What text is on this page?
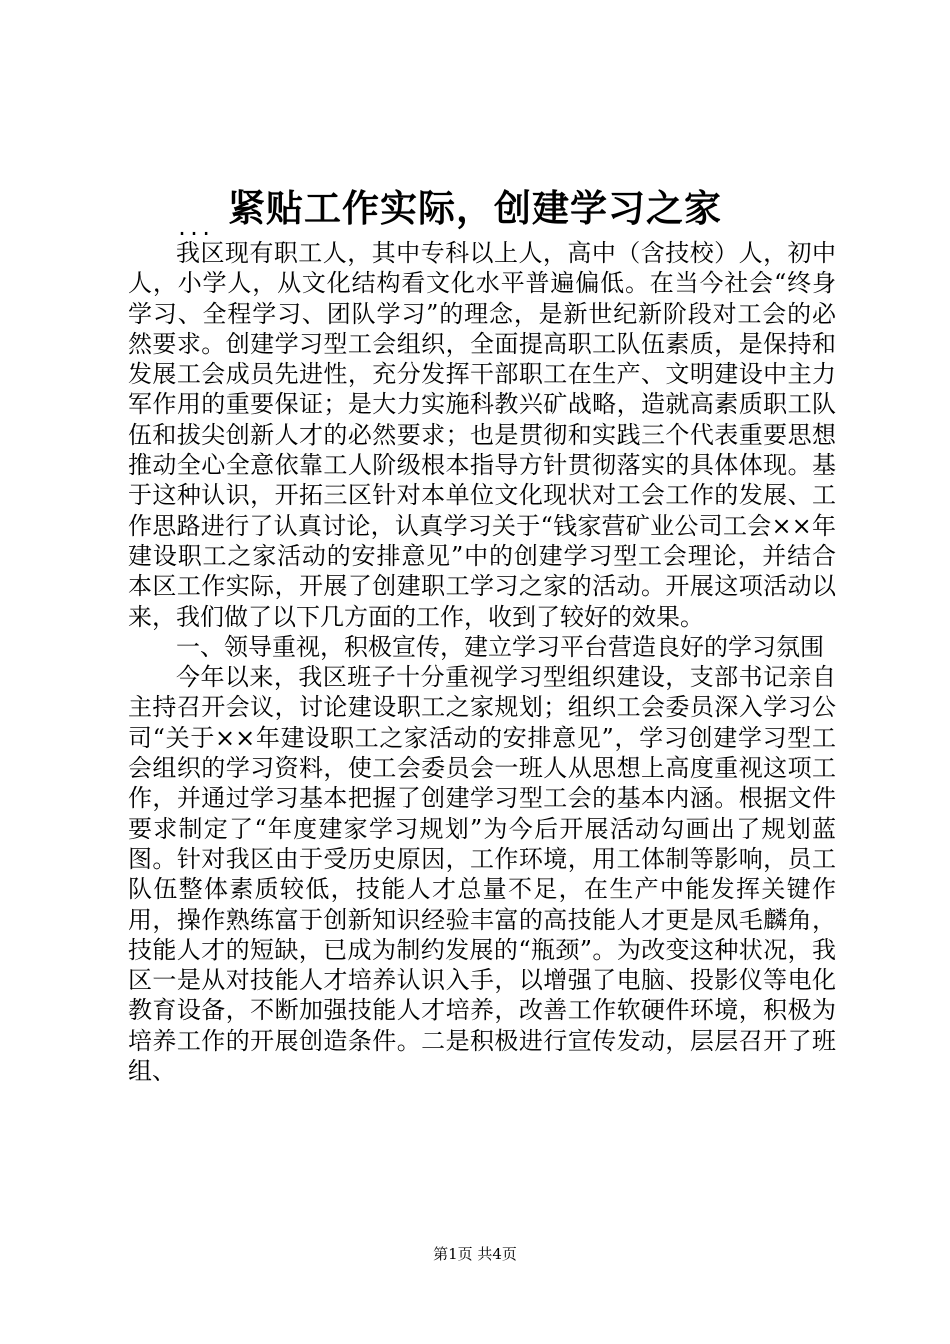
紧贴工作实际，创建学习之家
...

我区现有职工人，其中专科以上人，高中（含技校）人，初中人，小学人，从文化结构看文化水平普遍偏低。在当今社会“终身学习、全程学习、团队学习”的理念，是新世纪新阶段对工会的必然要求。创建学习型工会组织，全面提高职工队伍素质，是保持和发展工会成员先进性，充分发挥干部职工在生产、文明建设中主力军作用的重要保证；是大力实施科教兴矿战略，造就高素质职工队伍和拔尖创新人才的必然要求；也是贯彻和实践三个代表重要思想推动全心全意依靠工人阶级根本指导方针贯彻落实的具体体现。基于这种认识，开拓三区针对本单位文化现状对工会工作的发展、工作思路进行了认真讨论，认真学习关于“钱家营矿业公司工会××年建设职工之家活动的安排意见”中的创建学习型工会理论，并结合本区工作实际，开展了创建职工学习之家的活动。开展这项活动以来，我们做了以下几方面的工作，收到了较好的效果。

一、领导重视，积极宣传，建立学习平台营造良好的学习氛围

今年以来，我区班子十分重视学习型组织建设，支部书记亲自主持召开会议，讨论建设职工之家规划；组织工会委员深入学习公司“关于××年建设职工之家活动的安排意见”，学习创建学习型工会组织的学习资料，使工会委员会一班人从思想上高度重视这项工作，并通过学习基本把握了创建学习型工会的基本内涵。根据文件要求制定了“年度建家学习规划”为今后开展活动勾画出了规划蓝图。针对我区由于受历史原因，工作环境，用工体制等影响，员工队伍整体素质较低，技能人才总量不足，在生产中能发挥关键作用，操作熟练富于创新知识经验丰富的高技能人才更是凤毛麟角，技能人才的短缺，已成为制约发展的“瓶颈”。为改变这种状况，我区一是从对技能人才培养认识入手，以增强了电脑、投影仪等电化教育设备，不断加强技能人才培养，改善工作软硬件环境，积极为培养工作的开展创造条件。二是积极进行宣传发动，层层召开了班组、

第1页 共4页
